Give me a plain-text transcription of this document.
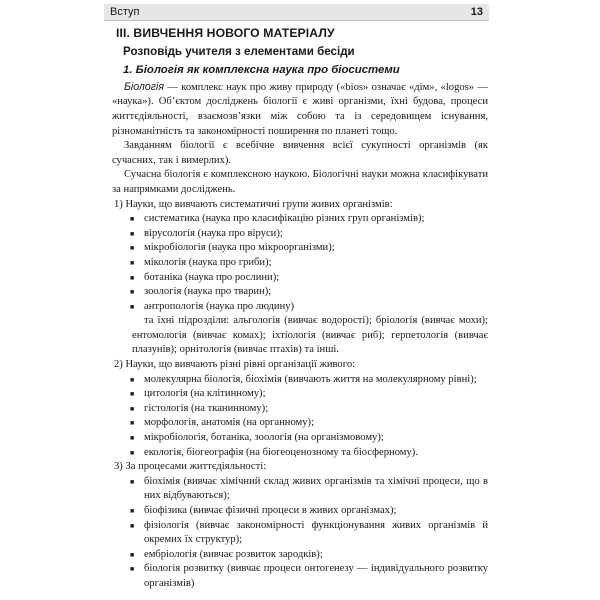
Вступ	13
ІІІ. ВИВЧЕННЯ НОВОГО МАТЕРІАЛУ
Розповідь учителя з елементами бесіди
1. Біологія як комплексна наука про біосистеми

Біологія — комплекс наук про живу природу («bios» означає «дім», «logos» — «наука»). Об’єктом досліджень біології є живі організми, їхні будова, процеси життєдіяльності, взаємозв’язки між собою та із середовищем існування, різноманітність та закономірності поширення по планеті тощо.

Завданням біології є всебічне вивчення всієї сукупності організмів (як сучасних, так і вимерлих).

Сучасна біологія є комплексною наукою. Біологічні науки можна класифікувати за напрямками досліджень.

1) Науки, що вивчають систематичні групи живих організмів:
■ систематика (наука про класифікацію різних груп організмів);
■ вірусологія (наука про віруси);
■ мікробіологія (наука про мікроорганізми);
■ мікологія (наука про гриби);
■ ботаніка (наука про рослини);
■ зоологія (наука про тварин);
■ антропологія (наука про людину)

та їхні підрозділи: альгологія (вивчає водорості); бріологія (вивчає мохи); ентомологія (вивчає комах); іхтіологія (вивчає риб); герпетологія (вивчає плазунів); орнітологія (вивчає птахів) та інші.

2) Науки, що вивчають різні рівні організації живого:
■ молекулярна біологія, біохімія (вивчають життя на молекулярному рівні);
■ цитологія (на клітинному);
■ гістологія (на тканинному);
■ морфологія, анатомія (на органному);
■ мікробіологія, ботаніка, зоологія (на організмовому);
■ екологія, біогеографія (на біогеоценозному та біосферному).
3) За процесами життєдіяльності:
■ біохімія (вивчає хімічний склад живих організмів та хімічні процеси, що в них відбуваються);
■ біофізика (вивчає фізичні процеси в живих організмах);
■ фізіологія (вивчає закономірності функціонування живих організмів й окремих їх структур);
■ ембріологія (вивчає розвиток зародків);
■ біологія розвитку (вивчає процеси онтогенезу — індивідуального розвитку організмів)
